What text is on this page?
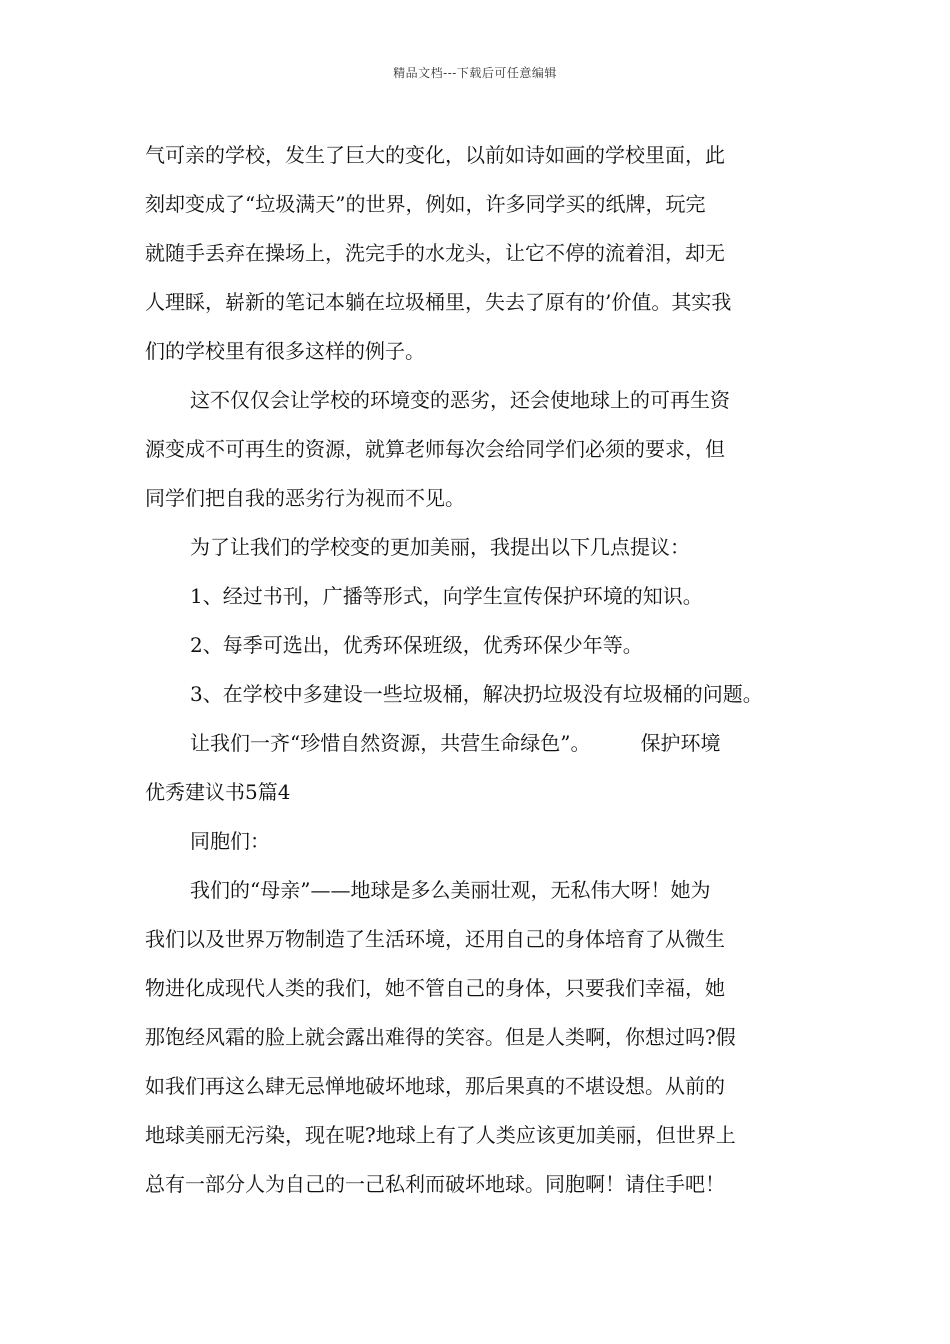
精品文档---下载后可任意编辑

气可亲的学校，发生了巨大的变化，以前如诗如画的学校里面，此

刻却变成了“垃圾满天”的世界，例如，许多同学买的纸牌，玩完

就随手丢弃在操场上，洗完手的水龙头，让它不停的流着泪，却无

人理睬，崭新的笔记本躺在垃圾桶里，失去了原有的’价值。其实我

们的学校里有很多这样的例子。

这不仅仅会让学校的环境变的恶劣，还会使地球上的可再生资

源变成不可再生的资源，就算老师每次会给同学们必须的要求，但

同学们把自我的恶劣行为视而不见。

为了让我们的学校变的更加美丽，我提出以下几点提议：

1、经过书刊，广播等形式，向学生宣传保护环境的知识。

2、每季可选出，优秀环保班级，优秀环保少年等。

3、在学校中多建设一些垃圾桶，解决扔垃圾没有垃圾桶的问题。

让我们一齐“珍惜自然资源，共营生命绿色”。	保护环境

优秀建议书5篇4

同胞们：

我们的“母亲”——地球是多么美丽壮观，无私伟大呀！她为

我们以及世界万物制造了生活环境，还用自己的身体培育了从微生

物进化成现代人类的我们，她不管自己的身体，只要我们幸福，她

那饱经风霜的脸上就会露出难得的笑容。但是人类啊，你想过吗?假

如我们再这么肆无忌惮地破坏地球，那后果真的不堪设想。从前的

地球美丽无污染，现在呢?地球上有了人类应该更加美丽，但世界上

总有一部分人为自己的一己私利而破坏地球。同胞啊！请住手吧！
